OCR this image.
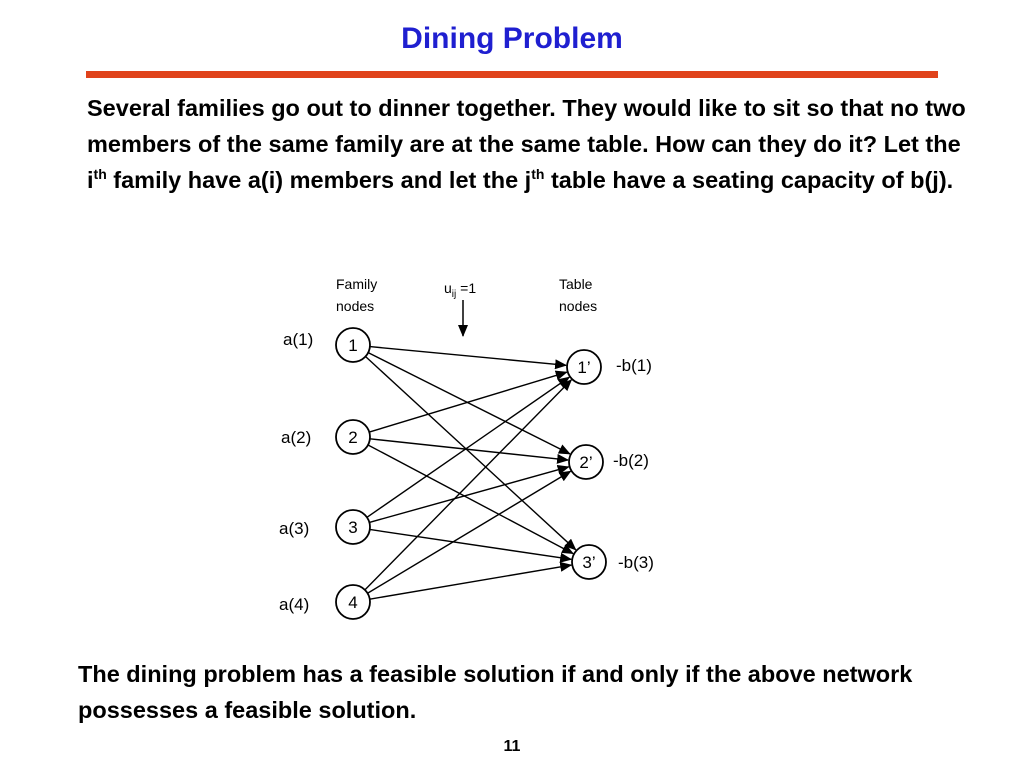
Dining Problem
Several families go out to dinner together. They would like to sit so that no two members of the same family are at the same table. How can they do it? Let the $i^{th}$ family have a(i) members and let the $j^{th}$ table have a seating capacity of b(j).
Family
nodes
Table
nodes
$u_{ij} =1$
1
a(1)
2
a(2)
3
a(3)
4
a(4)
1’ -b(1)
2’ -b(2)
3’ -b(3)
The dining problem has a feasible solution if and only if the above network possesses a feasible solution.
11
